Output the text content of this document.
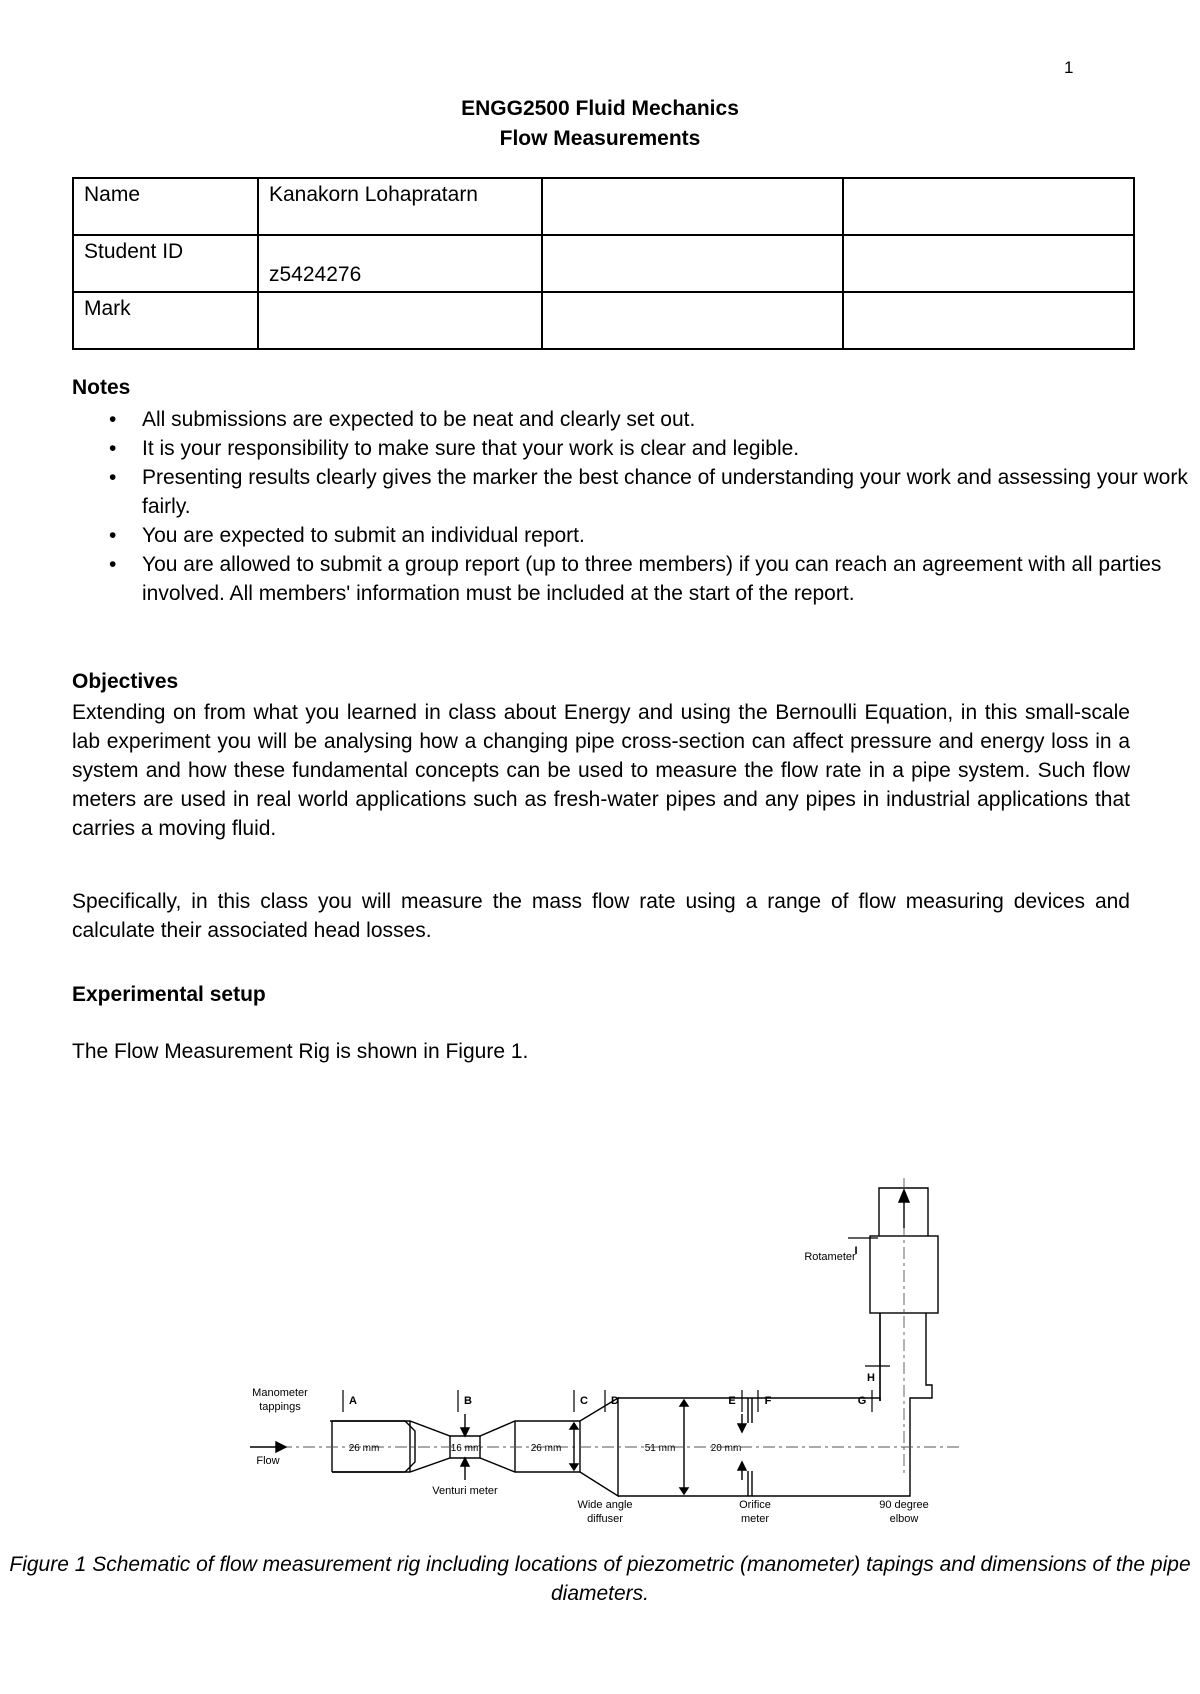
1
ENGG2500 Fluid Mechanics
Flow Measurements
Name	Kanakorn Lohapratarn		
Student ID	z5424276		
Mark			
Notes
• All submissions are expected to be neat and clearly set out.
• It is your responsibility to make sure that your work is clear and legible.
• Presenting results clearly gives the marker the best chance of understanding your work and assessing your work fairly.
• You are expected to submit an individual report.
• You are allowed to submit a group report (up to three members) if you can reach an agreement with all parties involved. All members' information must be included at the start of the report.
Objectives

Extending on from what you learned in class about Energy and using the Bernoulli Equation, in this small-scale lab experiment you will be analysing how a changing pipe cross-section can affect pressure and energy loss in a system and how these fundamental concepts can be used to measure the flow rate in a pipe system. Such flow meters are used in real world applications such as fresh-water pipes and any pipes in industrial applications that carries a moving fluid.

Specifically, in this class you will measure the mass flow rate using a range of flow measuring devices and calculate their associated head losses.

Experimental setup

The Flow Measurement Rig is shown in Figure 1.

Manometer
tappings
Flow
A	B	C D	E	F	G
H
I
26 mm	16 mm	26 mm	51 mm	20 mm
Rotameter
Venturi meter
Wide angle
diffuser
Orifice
meter
90 degree
elbow
Figure 1 Schematic of flow measurement rig including locations of piezometric (manometer) tapings and dimensions of the pipe diameters.
